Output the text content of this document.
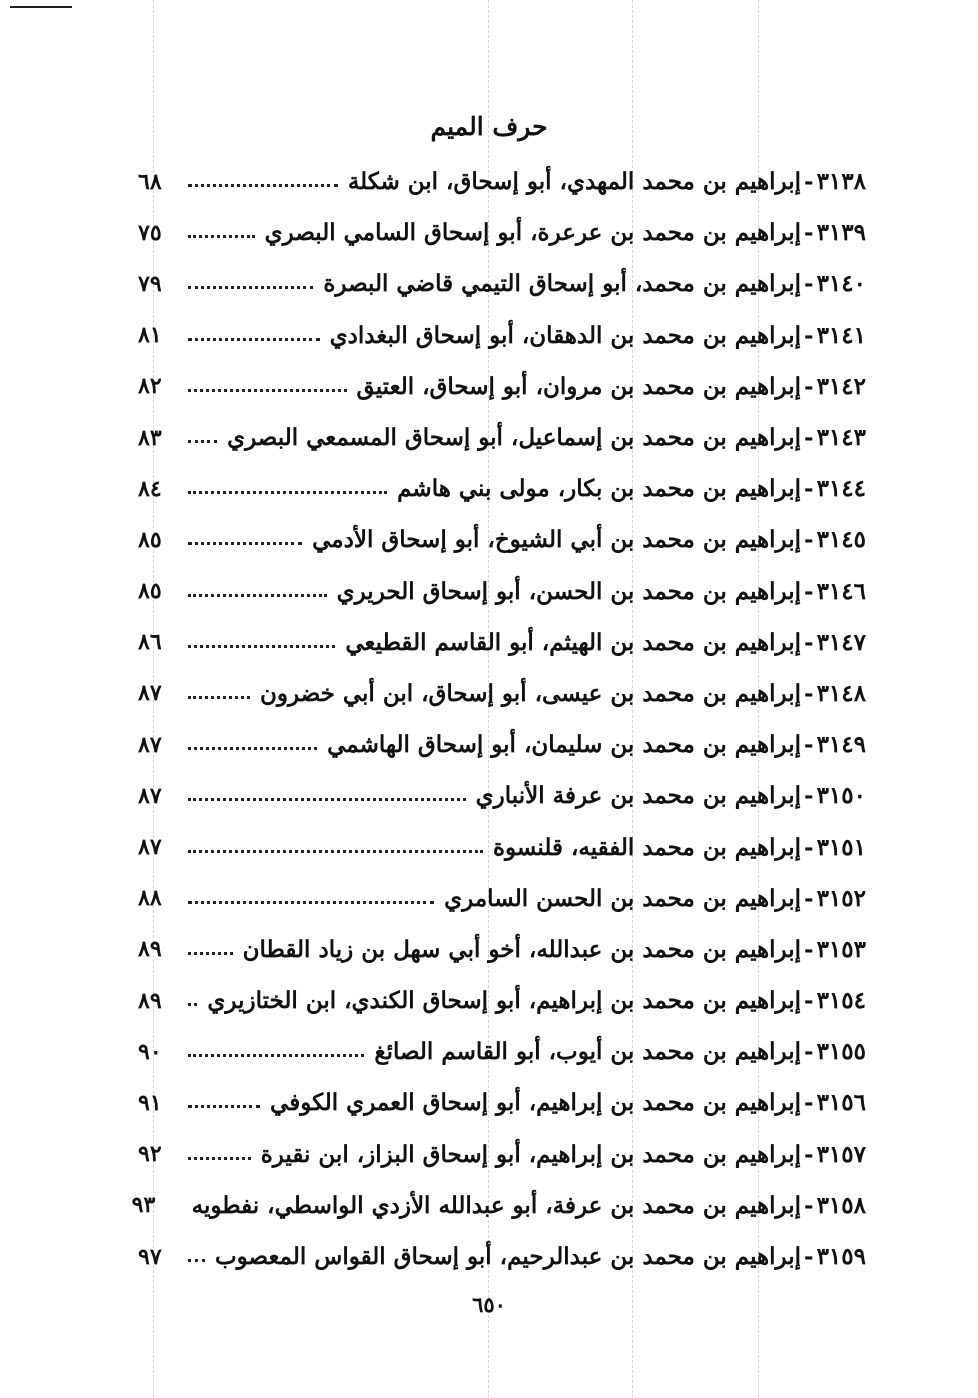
حرف الميم
٣١٣٨-إبراهيم بن محمد المهدي، أبو إسحاق، ابن شكلة
٦٨
٣١٣٩-إبراهيم بن محمد بن عرعرة، أبو إسحاق السامي البصري
٧٥
٣١٤٠-إبراهيم بن محمد، أبو إسحاق التيمي قاضي البصرة
٧٩
٣١٤١-إبراهيم بن محمد بن الدهقان، أبو إسحاق البغدادي
٨١
٣١٤٢-إبراهيم بن محمد بن مروان، أبو إسحاق، العتيق
٨٢
٣١٤٣-إبراهيم بن محمد بن إسماعيل، أبو إسحاق المسمعي البصري
٨٣
٣١٤٤-إبراهيم بن محمد بن بكار، مولى بني هاشم
٨٤
٣١٤٥-إبراهيم بن محمد بن أبي الشيوخ، أبو إسحاق الأدمي
٨٥
٣١٤٦-إبراهيم بن محمد بن الحسن، أبو إسحاق الحريري
٨٥
٣١٤٧-إبراهيم بن محمد بن الهيثم، أبو القاسم القطيعي
٨٦
٣١٤٨-إبراهيم بن محمد بن عيسى، أبو إسحاق، ابن أبي خضرون
٨٧
٣١٤٩-إبراهيم بن محمد بن سليمان، أبو إسحاق الهاشمي
٨٧
٣١٥٠-إبراهيم بن محمد بن عرفة الأنباري
٨٧
٣١٥١-إبراهيم بن محمد الفقيه، قلنسوة
٨٧
٣١٥٢-إبراهيم بن محمد بن الحسن السامري
٨٨
٣١٥٣-إبراهيم بن محمد بن عبدالله، أخو أبي سهل بن زياد القطان
٨٩
٣١٥٤-إبراهيم بن محمد بن إبراهيم، أبو إسحاق الكندي، ابن الختازيري
٨٩
٣١٥٥-إبراهيم بن محمد بن أيوب، أبو القاسم الصائغ
٩٠
٣١٥٦-إبراهيم بن محمد بن إبراهيم، أبو إسحاق العمري الكوفي
٩١
٣١٥٧-إبراهيم بن محمد بن إبراهيم، أبو إسحاق البزاز، ابن نقيرة
٩٢
٣١٥٨-إبراهيم بن محمد بن عرفة، أبو عبدالله الأزدي الواسطي، نفطويه
٩٣
٣١٥٩-إبراهيم بن محمد بن عبدالرحيم، أبو إسحاق القواس المعصوب
٩٧
٦٥٠
